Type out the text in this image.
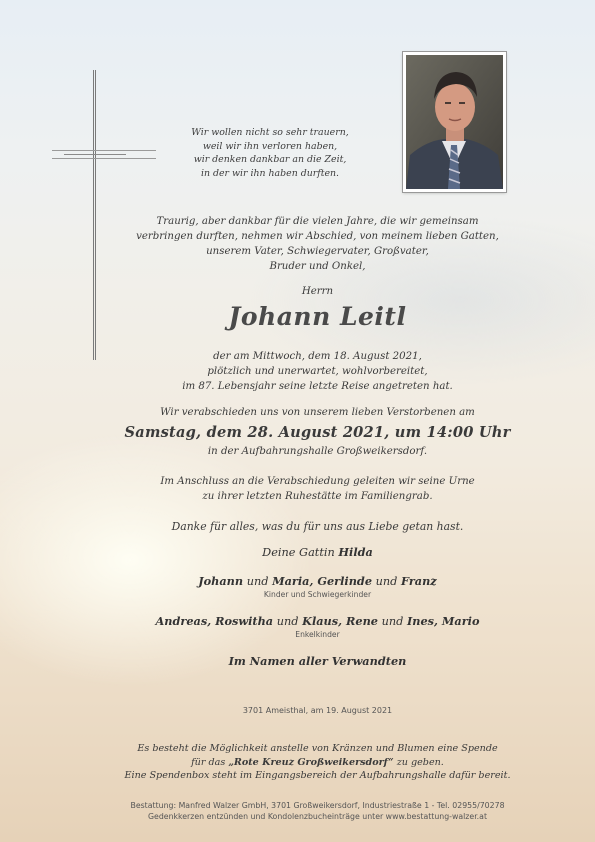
Wir wollen nicht so sehr trauern,
weil wir ihn verloren haben,
wir denken dankbar an die Zeit,
in der wir ihn haben durften.
Traurig, aber dankbar für die vielen Jahre, die wir gemeinsam
verbringen durften, nehmen wir Abschied, von meinem lieben Gatten,
unserem Vater, Schwiegervater, Großvater,
Bruder und Onkel,
Herrn
Johann Leitl
der am Mittwoch, dem 18. August 2021,
plötzlich und unerwartet, wohlvorbereitet,
im 87. Lebensjahr seine letzte Reise angetreten hat.
Wir verabschieden uns von unserem lieben Verstorbenen am
Samstag, dem 28. August 2021, um 14:00 Uhr
in der Aufbahrungshalle Großweikersdorf.
Im Anschluss an die Verabschiedung geleiten wir seine Urne
zu ihrer letzten Ruhestätte im Familiengrab.
Danke für alles, was du für uns aus Liebe getan hast.
Deine Gattin Hilda
Johann und Maria, Gerlinde und Franz
Kinder und Schwiegerkinder
Andreas, Roswitha und Klaus, Rene und Ines, Mario
Enkelkinder
Im Namen aller Verwandten
3701 Ameisthal, am 19. August 2021
Es besteht die Möglichkeit anstelle von Kränzen und Blumen eine Spende
für das „Rote Kreuz Großweikersdorf“ zu geben.
Eine Spendenbox steht im Eingangsbereich der Aufbahrungshalle dafür bereit.
Bestattung: Manfred Walzer GmbH, 3701 Großweikersdorf, Industriestraße 1 - Tel. 02955/70278
Gedenkkerzen entzünden und Kondolenzbucheinträge unter www.bestattung-walzer.at
